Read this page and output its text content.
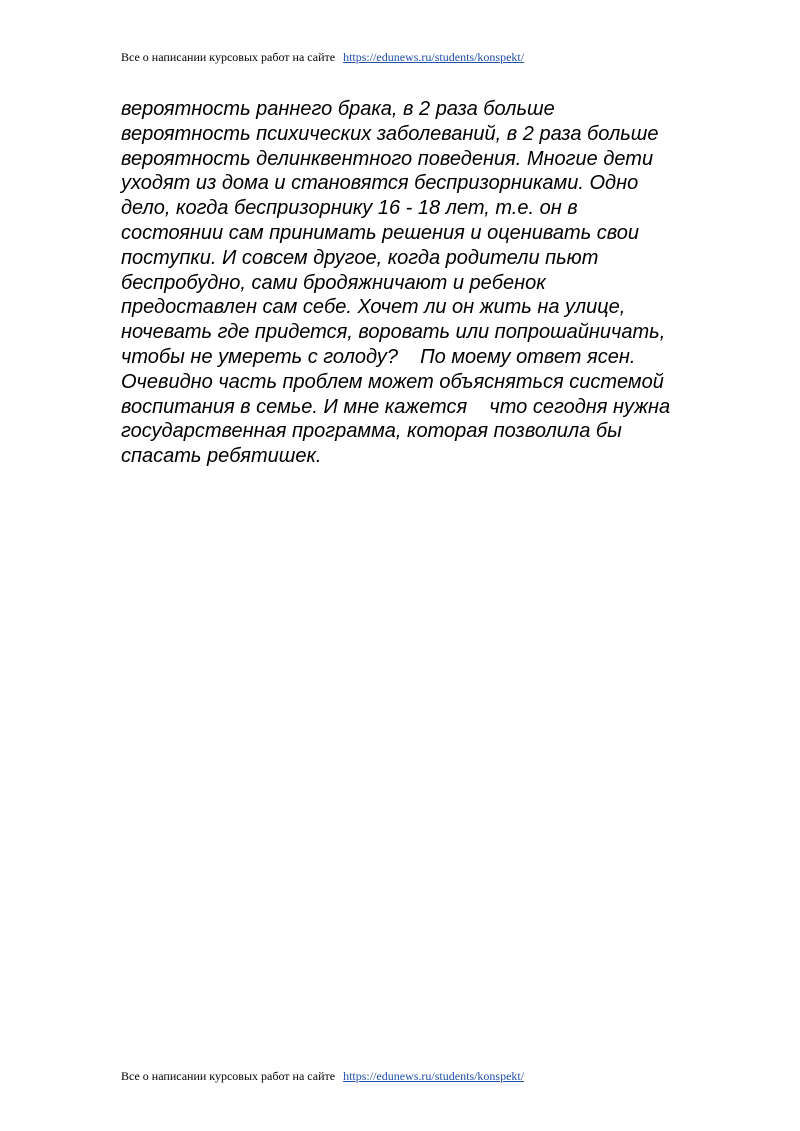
Все о написании курсовых работ на сайте https://edunews.ru/students/konspekt/

вероятность раннего брака, в 2 раза больше
вероятность психических заболеваний, в 2 раза больше
вероятность делинквентного поведения. Многие дети
уходят из дома и становятся беспризорниками. Одно
дело, когда беспризорнику 16 - 18 лет, т.е. он в
состоянии сам принимать решения и оценивать свои
поступки. И совсем другое, когда родители пьют
беспробудно, сами бродяжничают и ребенок
предоставлен сам себе. Хочет ли он жить на улице,
ночевать где придется, воровать или попрошайничать,
чтобы не умереть с голоду?    По моему ответ ясен.
Очевидно часть проблем может объясняться системой
воспитания в семье. И мне кажется    что сегодня нужна
государственная программа, которая позволила бы
спасать ребятишек.

Все о написании курсовых работ на сайте https://edunews.ru/students/konspekt/
